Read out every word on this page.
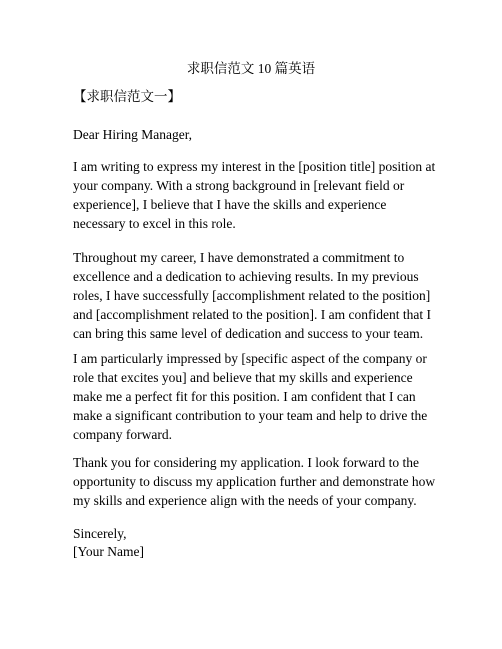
求职信范文 10 篇英语
【求职信范文一】

Dear Hiring Manager,

I am writing to express my interest in the [position title] position at your company. With a strong background in [relevant field or experience], I believe that I have the skills and experience necessary to excel in this role.

Throughout my career, I have demonstrated a commitment to excellence and a dedication to achieving results. In my previous roles, I have successfully [accomplishment related to the position] and [accomplishment related to the position]. I am confident that I can bring this same level of dedication and success to your team.

I am particularly impressed by [specific aspect of the company or role that excites you] and believe that my skills and experience make me a perfect fit for this position. I am confident that I can make a significant contribution to your team and help to drive the company forward.

Thank you for considering my application. I look forward to the opportunity to discuss my application further and demonstrate how my skills and experience align with the needs of your company.

Sincerely,

[Your Name]
